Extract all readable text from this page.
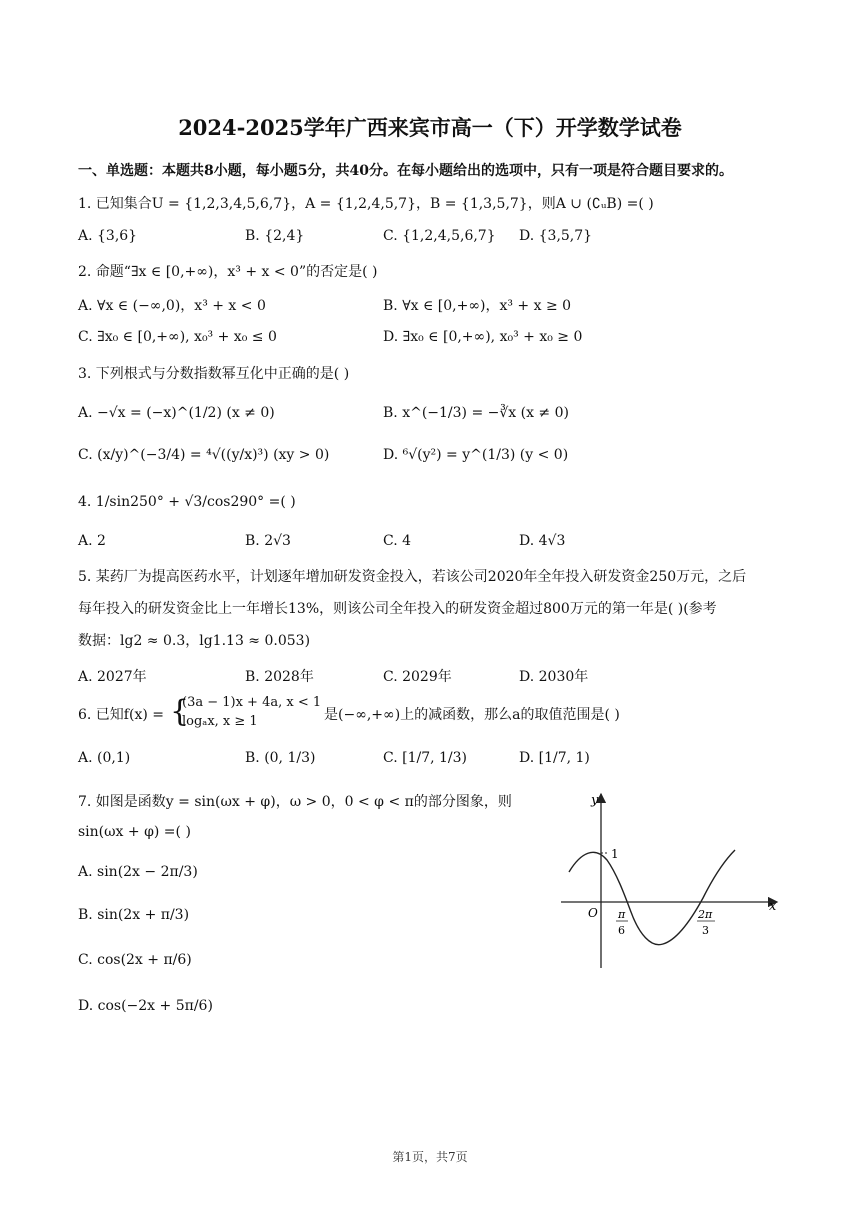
2024-2025学年广西来宾市高一（下）开学数学试卷
一、单选题：本题共8小题，每小题5分，共40分。在每小题给出的选项中，只有一项是符合题目要求的。
1. 已知集合U = {1,2,3,4,5,6,7}，A = {1,2,4,5,7}，B = {1,3,5,7}，则A ∪ (∁ᵤB) =( )
A. {3,6}	B. {2,4}	C. {1,2,4,5,6,7} D. {3,5,7}
2. 命题“∃x ∈ [0,+∞)，x³ + x < 0”的否定是( )
A. ∀x ∈ (−∞,0)，x³ + x < 0	B. ∀x ∈ [0,+∞)，x³ + x ≥ 0
C. ∃x₀ ∈ [0,+∞), x₀³ + x₀ ≤ 0	D. ∃x₀ ∈ [0,+∞), x₀³ + x₀ ≥ 0
3. 下列根式与分数指数幂互化中正确的是( )
A. −√x = (−x)^(1/2) (x ≠ 0)	B. x^(−1/3) = −∛x (x ≠ 0)
C. (x/y)^(−3/4) = ⁴√((y/x)³) (xy > 0)	D. ⁶√(y²) = y^(1/3) (y < 0)
4. 1/sin250° + √3/cos290° =( )
A. 2	B. 2√3	C. 4	D. 4√3
5. 某药厂为提高医药水平，计划逐年增加研发资金投入，若该公司2020年全年投入研发资金250万元，之后
每年投入的研发资金比上一年增长13%，则该公司全年投入的研发资金超过800万元的第一年是( )(参考
数据：lg2 ≈ 0.3，lg1.13 ≈ 0.053)
A. 2027年	B. 2028年	C. 2029年	D. 2030年
6. 已知f(x) = {
(3a − 1)x + 4a, x < 1
logₐx, x ≥ 1	是(−∞,+∞)上的减函数，那么a的取值范围是( )
A. (0,1)	B. (0, 1/3)	C. [1/7, 1/3)	D. [1/7, 1)
7. 如图是函数y = sin(ωx + φ)，ω > 0，0 < φ < π的部分图象，则
sin(ωx + φ) =( )
A. sin(2x − 2π/3)
B. sin(2x + π/3)
C. cos(2x + π/6)
D. cos(−2x + 5π/6)
y
x
O
1
π
6
2π
3
第1页，共7页
